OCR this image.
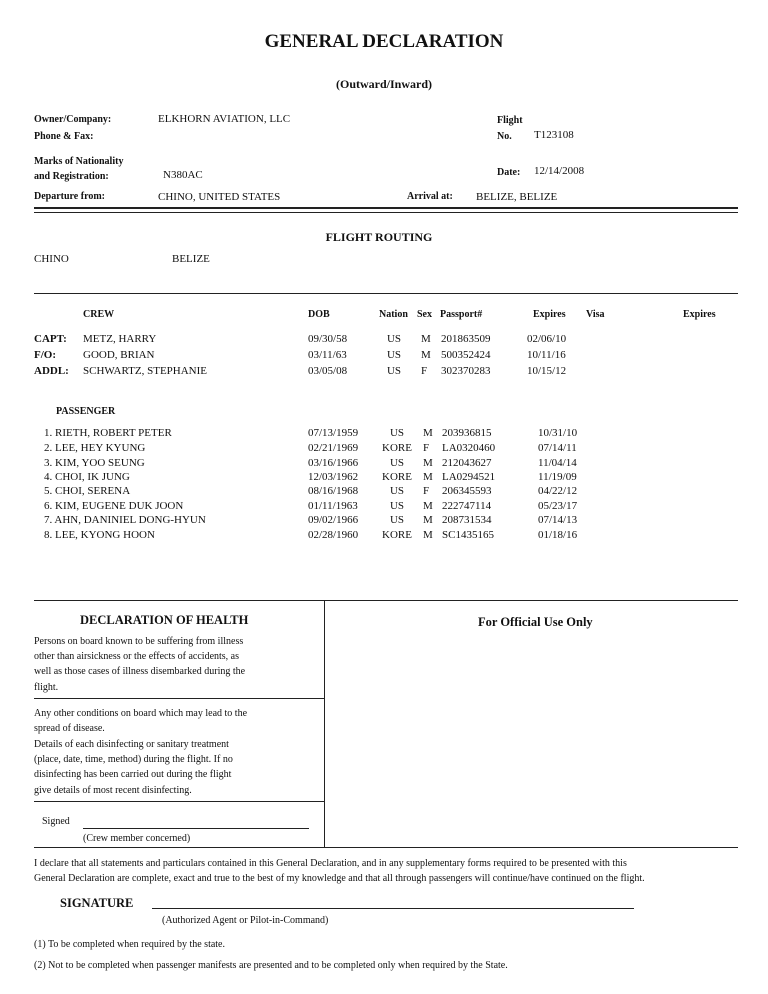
GENERAL DECLARATION
(Outward/Inward)
Owner/Company:	ELKHORN AVIATION, LLC
Phone & Fax:
Flight
No. T123108
Marks of Nationality
and Registration:	N380AC	Date: 12/14/2008
Departure from:	CHINO, UNITED STATES	Arrival at: BELIZE, BELIZE
FLIGHT ROUTING
CHINO	BELIZE
CREW	DOB	Nation Sex Passport#	Expires Visa	Expires
CAPT: METZ, HARRY	09/30/58	US	M 201863509	02/06/10
F/O: GOOD, BRIAN	03/11/63	US	M 500352424	10/11/16
ADDL: SCHWARTZ, STEPHANIE	03/05/08	US	F 302370283	10/15/12
PASSENGER
1. RIETH, ROBERT PETER	07/13/1959	US	M 203936815	10/31/10
2. LEE, HEY KYUNG	02/21/1969	KORE	F LA0320460	07/14/11
3. KIM, YOO SEUNG	03/16/1966	US	M 212043627	11/04/14
4. CHOI, IK JUNG	12/03/1962	KORE	M LA0294521	11/19/09
5. CHOI, SERENA	08/16/1968	US	F 206345593	04/22/12
6. KIM, EUGENE DUK JOON	01/11/1963	US	M 222747114	05/23/17
7. AHN, DANINIEL DONG-HYUN	09/02/1966	US	M 208731534	07/14/13
8. LEE, KYONG HOON	02/28/1960	KORE	M SC1435165	01/18/16
DECLARATION OF HEALTH
Persons on board known to be suffering from illness other than airsickness or the effects of accidents, as well as those cases of illness disembarked during the flight.
Any other conditions on board which may lead to the spread of disease.
Details of each disinfecting or sanitary treatment (place, date, time, method) during the flight. If no disinfecting has been carried out during the flight give details of most recent disinfecting.
Signed
(Crew member concerned)
For Official Use Only
I declare that all statements and particulars contained in this General Declaration, and in any supplementary forms required to be presented with this
General Declaration are complete, exact and true to the best of my knowledge and that all through passengers will continue/have continued on the flight.
SIGNATURE
(Authorized Agent or Pilot-in-Command)
(1) To be completed when required by the state.
(2) Not to be completed when passenger manifests are presented and to be completed only when required by the State.
